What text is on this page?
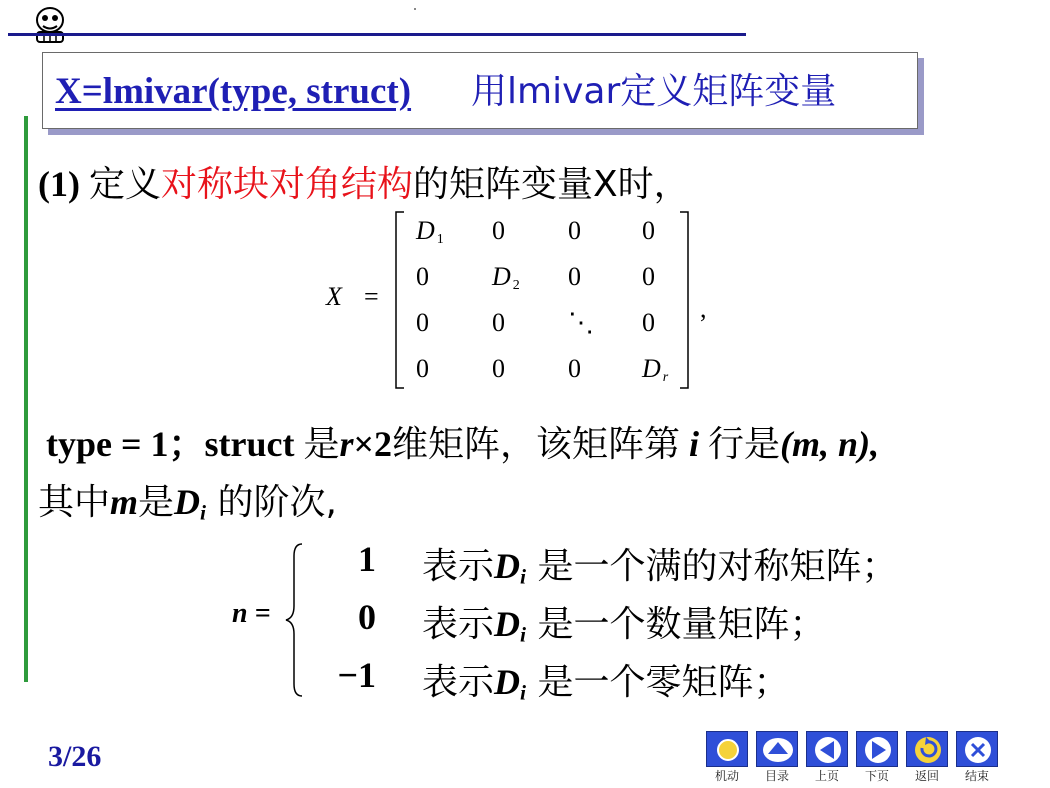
X=lmivar(type, struct) 用lmivar定义矩阵变量
(1) 定义对称块对角结构的矩阵变量X时，
X =
D $_1$ 0 0 0
0 D $_2$ 0 0
0 0 ⋱ 0
0 0 0 D $_r$
,
type = 1；struct 是r×2维矩阵，该矩阵第 i 行是(m, n),
其中m是$D_i$ 的阶次,
n =
1 表示$D_i$ 是一个满的对称矩阵；
0 表示$D_i$ 是一个数量矩阵；
−1 表示$D_i$ 是一个零矩阵；
3/26
机动	目录	上页	下页	返回	结束
